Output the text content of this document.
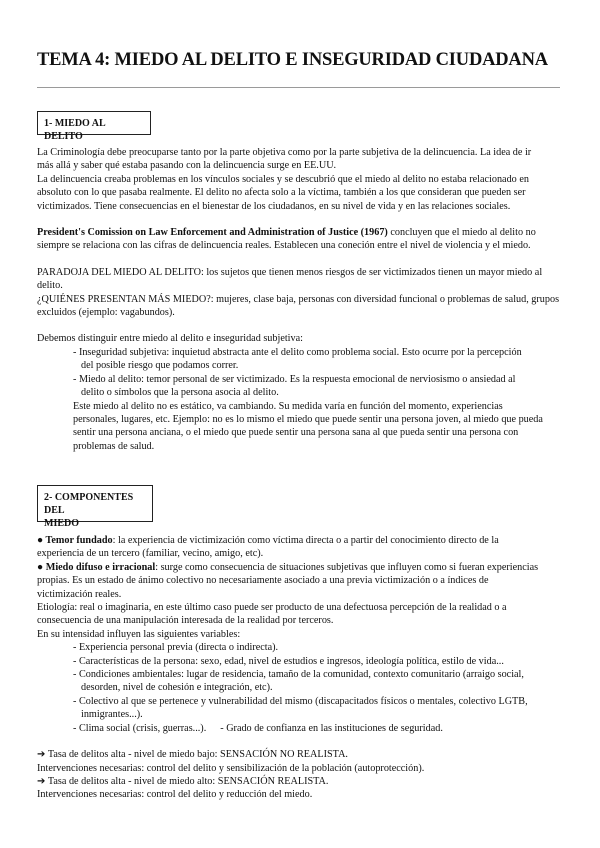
TEMA 4: MIEDO AL DELITO E INSEGURIDAD CIUDADANA
1- MIEDO AL DELITO

La Criminología debe preocuparse tanto por la parte objetiva como por la parte subjetiva de la delincuencia. La idea de ir

más allá y saber qué estaba pasando con la delincuencia surge en EE.UU.

La delincuencia creaba problemas en los vínculos sociales y se descubrió que el miedo al delito no estaba relacionado en

absoluto con lo que pasaba realmente. El delito no afecta solo a la víctima, también a los que consideran que pueden ser

victimizados. Tiene consecuencias en el bienestar de los ciudadanos, en su nivel de vida y en las relaciones sociales.

President's Comission on Law Enforcement and Administration of Justice (1967) concluyen que el miedo al delito no

siempre se relaciona con las cifras de delincuencia reales. Establecen una coneción entre el nivel de violencia y el miedo.

PARADOJA DEL MIEDO AL DELITO: los sujetos que tienen menos riesgos de ser victimizados tienen un mayor miedo al

delito.

¿QUIÉNES PRESENTAN MÁS MIEDO?: mujeres, clase baja, personas con diversidad funcional o problemas de salud, grupos

excluidos (ejemplo: vagabundos).

Debemos distinguir entre miedo al delito e inseguridad subjetiva:

- Inseguridad subjetiva: inquietud abstracta ante el delito como problema social. Esto ocurre por la percepción

del posible riesgo que podamos correr.

- Miedo al delito: temor personal de ser victimizado. Es la respuesta emocional de nerviosismo o ansiedad al

delito o símbolos que la persona asocia al delito.

Este miedo al delito no es estático, va cambiando. Su medida varía en función del momento, experiencias

personales, lugares, etc. Ejemplo: no es lo mismo el miedo que puede sentir una persona joven, al miedo que pueda

sentir una persona anciana, o el miedo que puede sentir una persona sana al que pueda sentir una persona con

problemas de salud.

2- COMPONENTES DEL
MIEDO

● Temor fundado: la experiencia de victimización como víctima directa o a partir del conocimiento directo de la

experiencia de un tercero (familiar, vecino, amigo, etc).

● Miedo difuso e irracional: surge como consecuencia de situaciones subjetivas que influyen como si fueran experiencias

propias. Es un estado de ánimo colectivo no necesariamente asociado a una previa victimización o a índices de

victimización reales.

Etiología: real o imaginaria, en este último caso puede ser producto de una defectuosa percepción de la realidad o a

consecuencia de una manipulación interesada de la realidad por terceros.

En su intensidad influyen las siguientes variables:

- Experiencia personal previa (directa o indirecta).

- Características de la persona: sexo, edad, nivel de estudios e ingresos, ideología política, estilo de vida...

- Condiciones ambientales: lugar de residencia, tamaño de la comunidad, contexto comunitario (arraigo social,

desorden, nivel de cohesión e integración, etc).

- Colectivo al que se pertenece y vulnerabilidad del mismo (discapacitados físicos o mentales, colectivo LGTB,

inmigrantes...).

- Clima social (crisis, guerras...). - Grado de confianza en las instituciones de seguridad.

➔ Tasa de delitos alta - nivel de miedo bajo: SENSACIÓN NO REALISTA.

Intervenciones necesarias: control del delito y sensibilización de la población (autoprotección).

➔ Tasa de delitos alta - nivel de miedo alto: SENSACIÓN REALISTA.

Intervenciones necesarias: control del delito y reducción del miedo.
